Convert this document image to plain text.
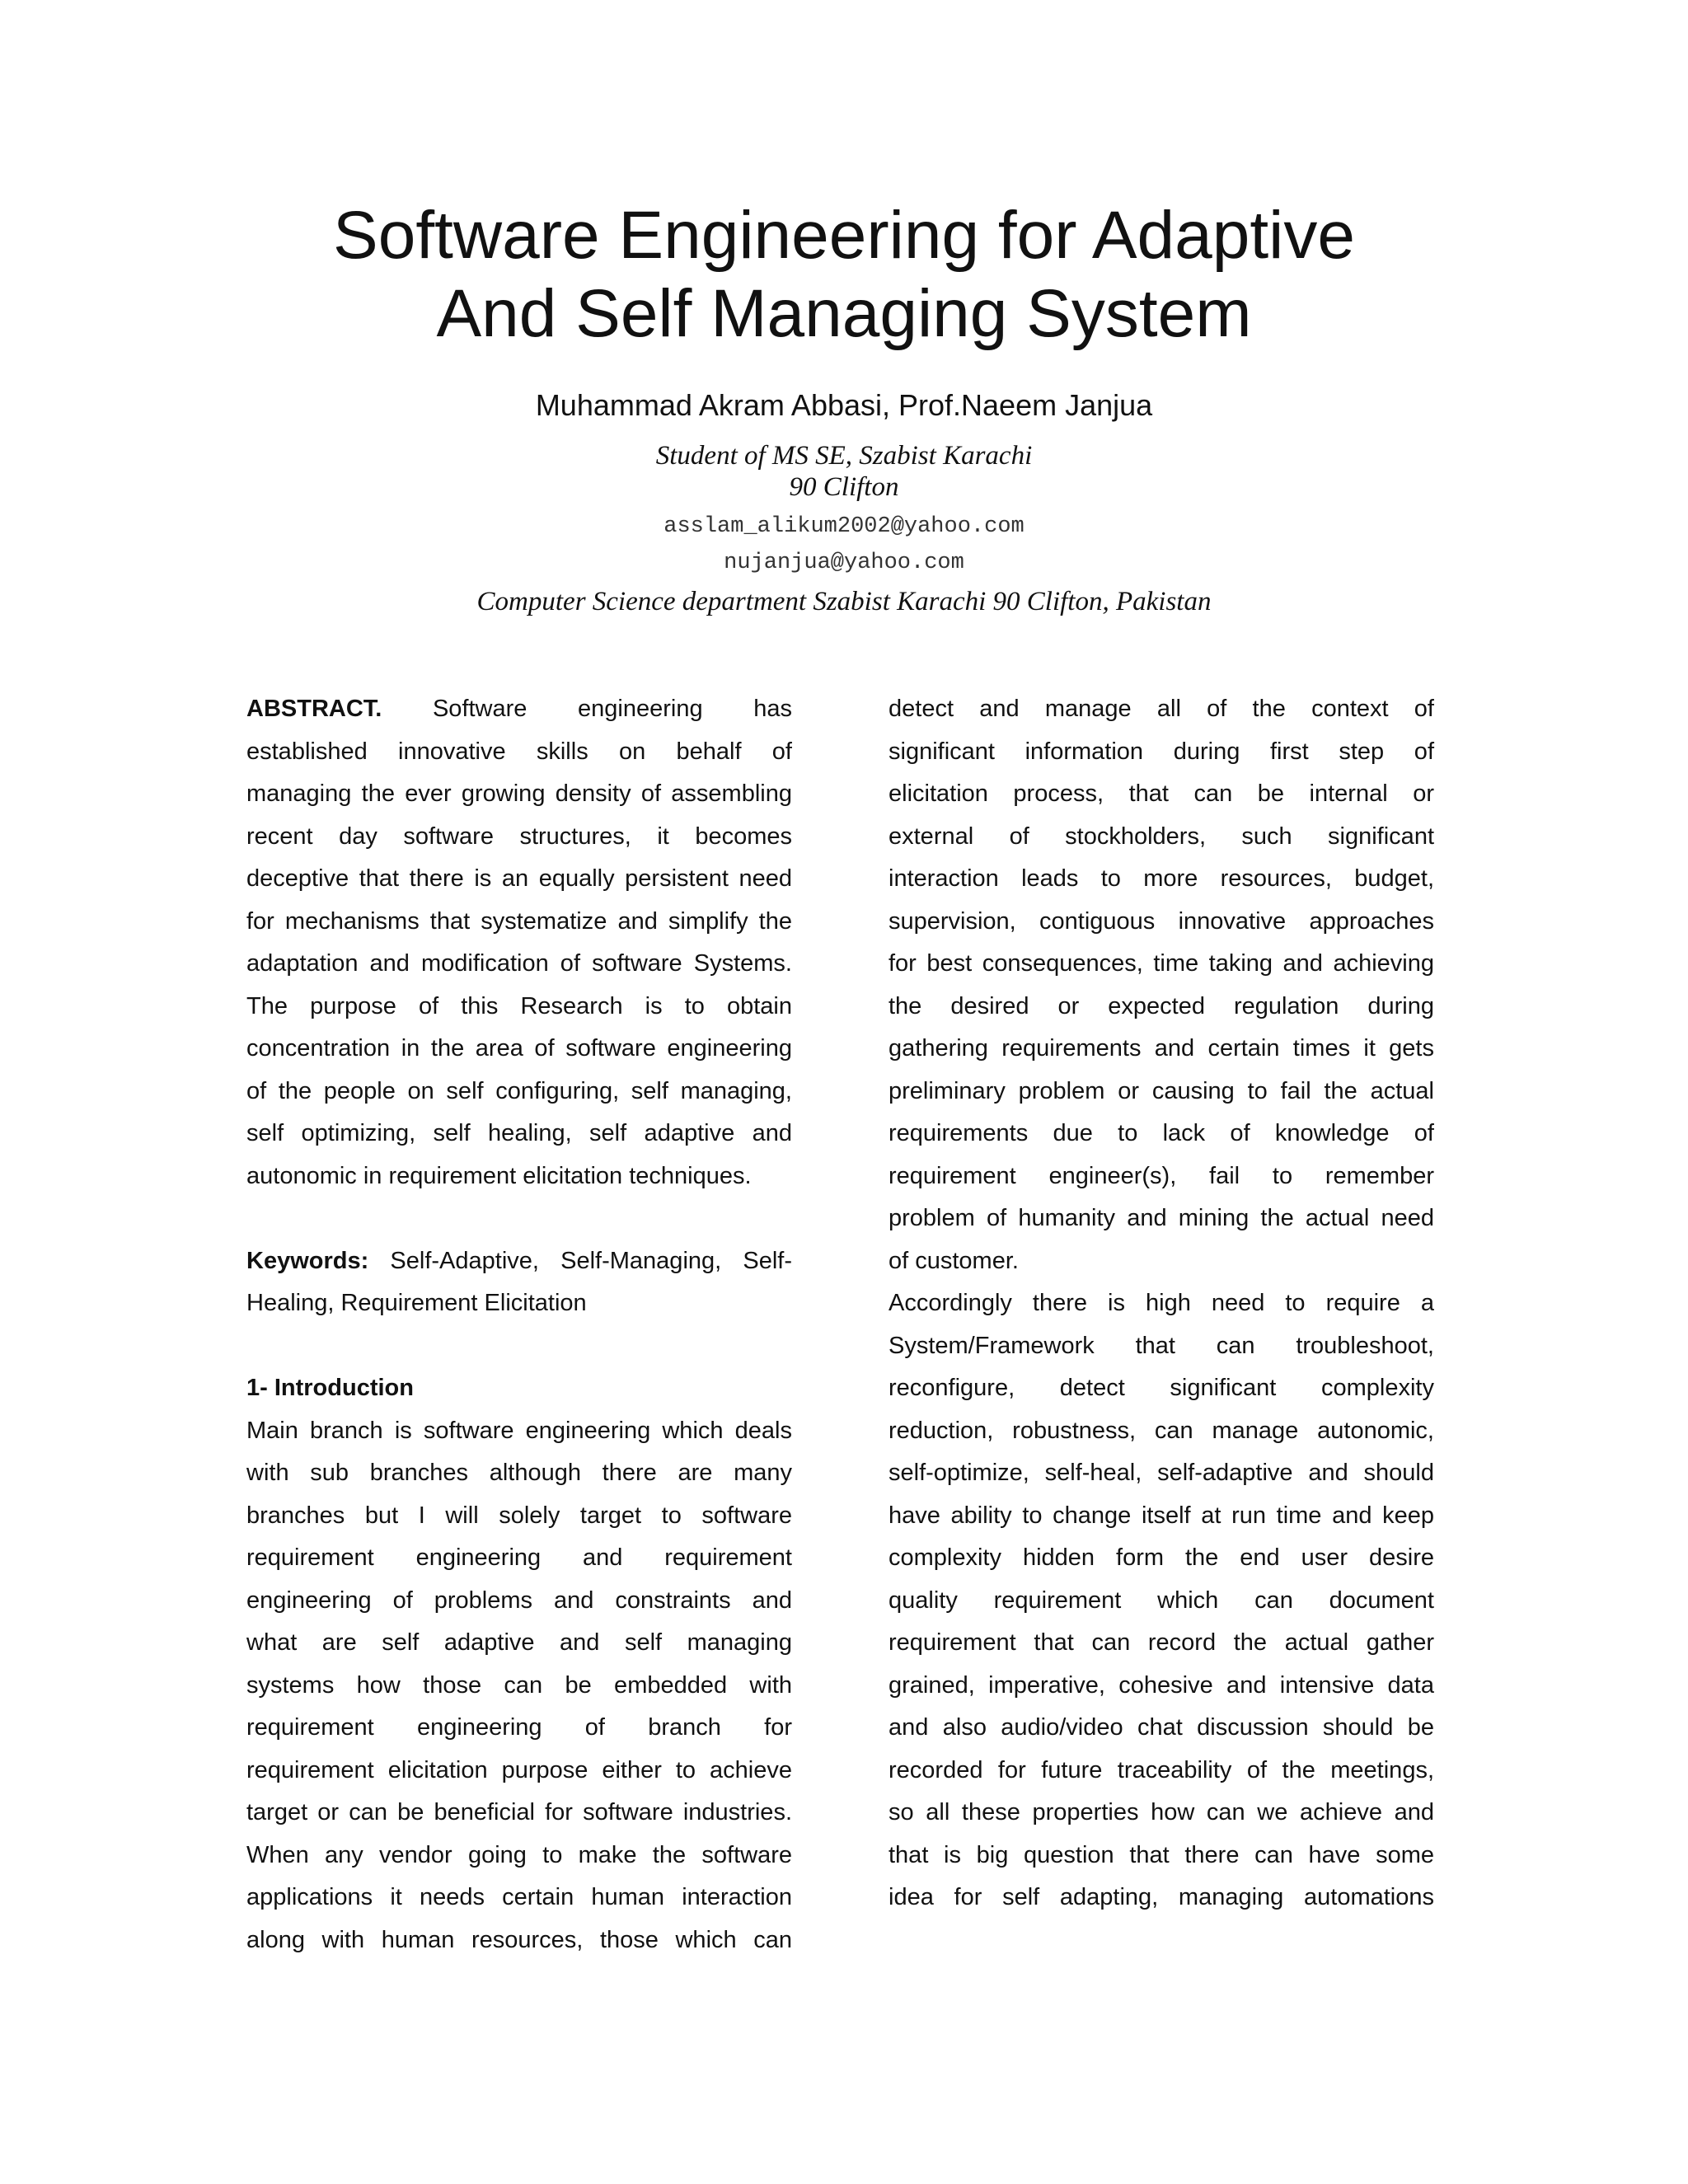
Software Engineering for Adaptive
And Self Managing System
Muhammad Akram Abbasi, Prof.Naeem Janjua
Student of MS SE, Szabist Karachi
90 Clifton
asslam_alikum2002@yahoo.com
nujanjua@yahoo.com
Computer Science department Szabist Karachi 90 Clifton, Pakistan
ABSTRACT. Software engineering has
established innovative skills on behalf of
managing the ever growing density of assembling
recent day software structures, it becomes
deceptive that there is an equally persistent need
for mechanisms that systematize and simplify the
adaptation and modification of software Systems.
The purpose of this Research is to obtain
concentration in the area of software engineering
of the people on self configuring, self managing,
self optimizing, self healing, self adaptive and
autonomic in requirement elicitation techniques.
Keywords: Self-Adaptive, Self-Managing, Self-
Healing, Requirement Elicitation
1- Introduction
Main branch is software engineering which deals
with sub branches although there are many
branches but I will solely target to software
requirement engineering and requirement
engineering of problems and constraints and
what are self adaptive and self managing
systems how those can be embedded with
requirement engineering of branch for
requirement elicitation purpose either to achieve
target or can be beneficial for software industries.
When any vendor going to make the software
applications it needs certain human interaction
along with human resources, those which can
detect and manage all of the context of
significant information during first step of
elicitation process, that can be internal or
external of stockholders, such significant
interaction leads to more resources, budget,
supervision, contiguous innovative approaches
for best consequences, time taking and achieving
the desired or expected regulation during
gathering requirements and certain times it gets
preliminary problem or causing to fail the actual
requirements due to lack of knowledge of
requirement engineer(s), fail to remember
problem of humanity and mining the actual need
of customer.
Accordingly there is high need to require a
System/Framework that can troubleshoot,
reconfigure, detect significant complexity
reduction, robustness, can manage autonomic,
self-optimize, self-heal, self-adaptive and should
have ability to change itself at run time and keep
complexity hidden form the end user desire
quality requirement which can document
requirement that can record the actual gather
grained, imperative, cohesive and intensive data
and also audio/video chat discussion should be
recorded for future traceability of the meetings,
so all these properties how can we achieve and
that is big question that there can have some
idea for self adapting, managing automations
